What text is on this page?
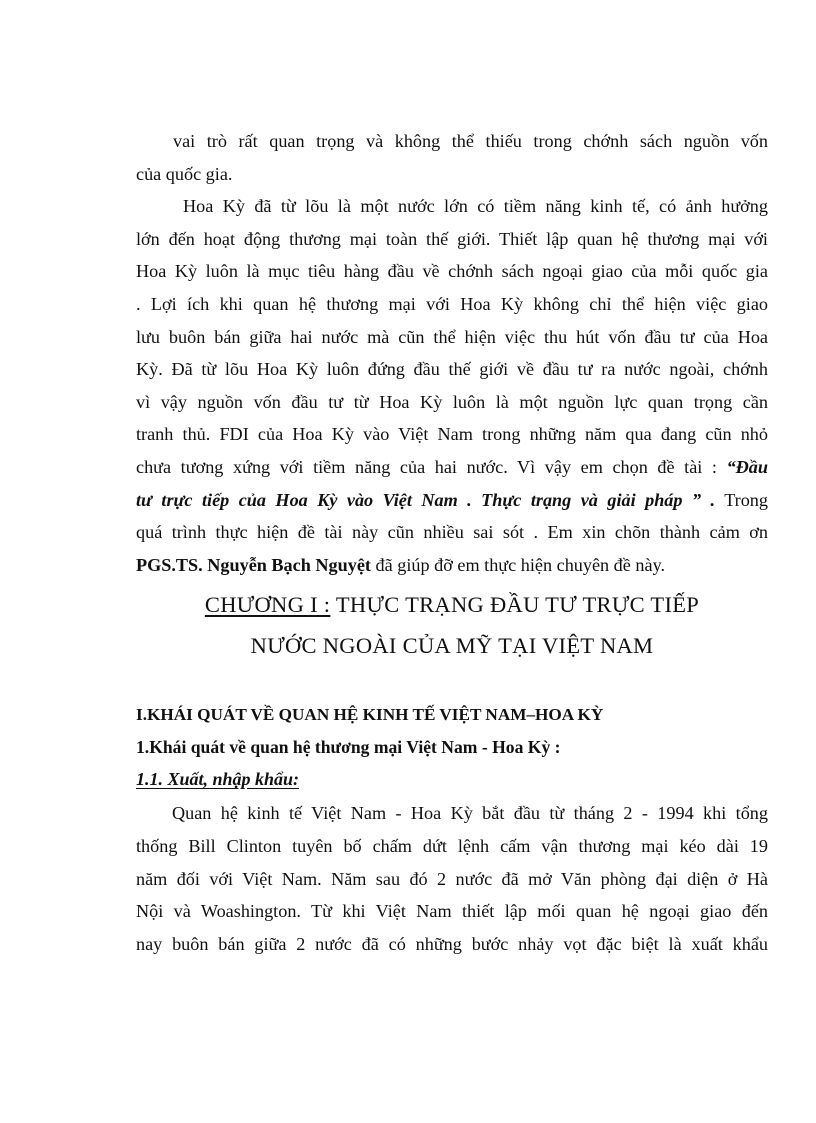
vai trò rất quan trọng và không thể thiếu trong chớnh sách nguồn vốn
của quốc gia.
Hoa Kỳ đã từ lõu là một nước lớn có tiềm năng kinh tế, có ảnh hưởng
lớn đến hoạt động thương mại toàn thế giới. Thiết lập quan hệ thương mại với
Hoa Kỳ luôn là mục tiêu hàng đầu về chớnh sách ngoại giao của mỗi quốc gia
. Lợi ích khi quan hệ thương mại với Hoa Kỳ không chỉ thể hiện việc giao
lưu buôn bán giữa hai nước mà cũn thể hiện việc thu hút vốn đầu tư của Hoa
Kỳ. Đã từ lõu Hoa Kỳ luôn đứng đầu thế giới về đầu tư ra nước ngoài, chớnh
vì vậy nguồn vốn đầu tư từ Hoa Kỳ luôn là một nguồn lực quan trọng cần
tranh thủ. FDI của Hoa Kỳ vào Việt Nam trong những năm qua đang cũn nhỏ
chưa tương xứng với tiềm năng của hai nước. Vì vậy em chọn đề tài : “Đầu
tư trực tiếp của Hoa Kỳ vào Việt Nam . Thực trạng và giải pháp ” . Trong
quá trình thực hiện đề tài này cũn nhiều sai sót . Em xin chõn thành cảm ơn
PGS.TS. Nguyễn Bạch Nguyệt đã giúp đỡ em thực hiện chuyên đề này.
CHƯƠNG I : THỰC TRẠNG ĐẦU TƯ TRỰC TIẾP
NƯỚC NGOÀI CỦA MỸ TẠI VIỆT NAM
I.KHÁI QUÁT VỀ QUAN HỆ KINH TẾ VIỆT NAM–HOA KỲ
1.Khái quát về quan hệ thương mại Việt Nam - Hoa Kỳ :
1.1. Xuất, nhập khẩu:
Quan hệ kinh tế Việt Nam - Hoa Kỳ bắt đầu từ tháng 2 - 1994 khi tổng
thống Bill Clinton tuyên bố chấm dứt lệnh cấm vận thương mại kéo dài 19
năm đối với Việt Nam. Năm sau đó 2 nước đã mở Văn phòng đại diện ở Hà
Nội và Woashington. Từ khi Việt Nam thiết lập mối quan hệ ngoại giao đến
nay buôn bán giữa 2 nước đã có những bước nhảy vọt đặc biệt là xuất khẩu
